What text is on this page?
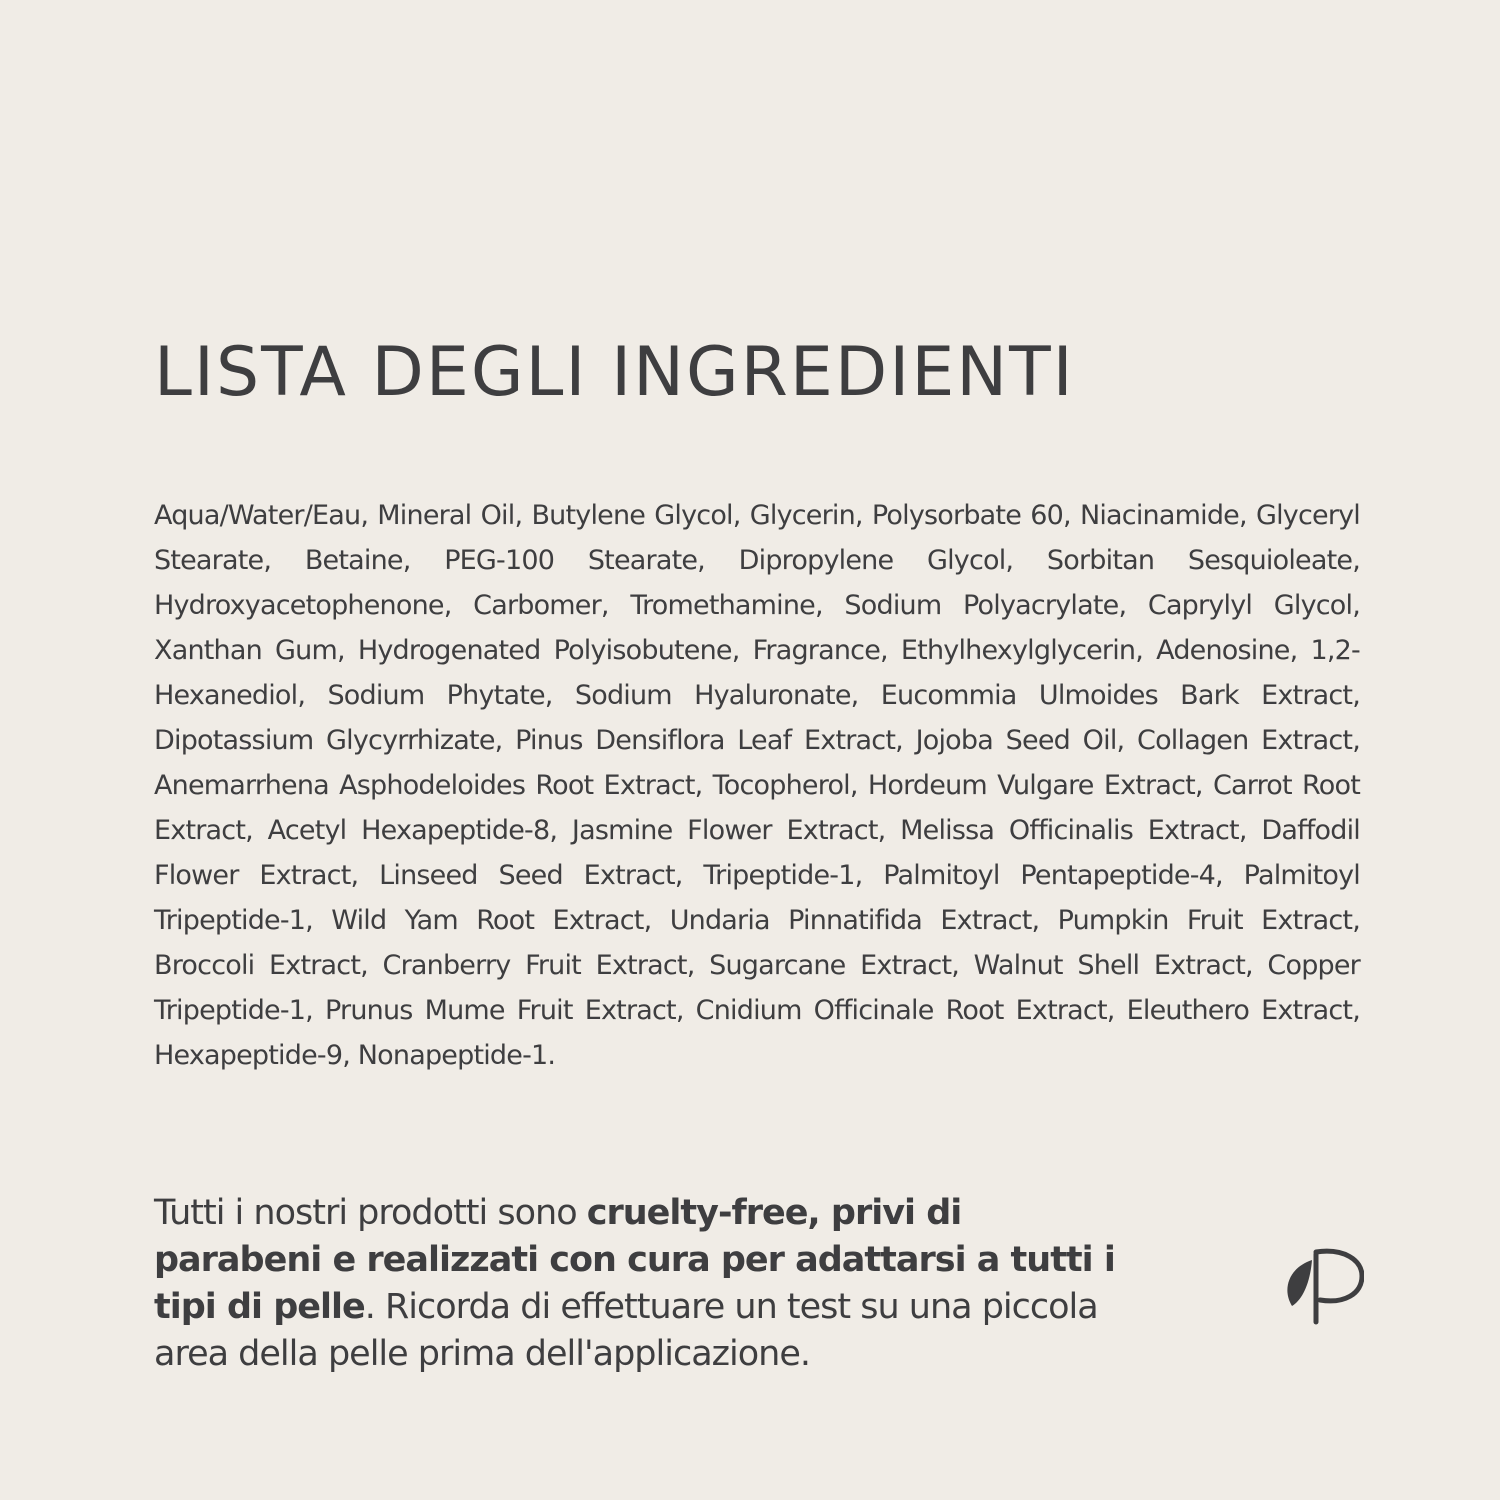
LISTA DEGLI INGREDIENTI

Aqua/Water/Eau, Mineral Oil, Butylene Glycol, Glycerin, Polysorbate 60, Niacinamide, Glyceryl Stearate, Betaine, PEG-100 Stearate, Dipropylene Glycol, Sorbitan Sesquioleate, Hydroxyacetophenone, Carbomer, Tromethamine, Sodium Polyacrylate, Caprylyl Glycol, Xanthan Gum, Hydrogenated Polyisobutene, Fragrance, Ethylhexylglycerin, Adenosine, 1,2-Hexanediol, Sodium Phytate, Sodium Hyaluronate, Eucommia Ulmoides Bark Extract, Dipotassium Glycyrrhizate, Pinus Densiflora Leaf Extract, Jojoba Seed Oil, Collagen Extract, Anemarrhena Asphodeloides Root Extract, Tocopherol, Hordeum Vulgare Extract, Carrot Root Extract, Acetyl Hexapeptide-8, Jasmine Flower Extract, Melissa Officinalis Extract, Daffodil Flower Extract, Linseed Seed Extract, Tripeptide-1, Palmitoyl Pentapeptide-4, Palmitoyl Tripeptide-1, Wild Yam Root Extract, Undaria Pinnatifida Extract, Pumpkin Fruit Extract, Broccoli Extract, Cranberry Fruit Extract, Sugarcane Extract, Walnut Shell Extract, Copper Tripeptide-1, Prunus Mume Fruit Extract, Cnidium Officinale Root Extract, Eleuthero Extract, Hexapeptide-9, Nonapeptide-1.

Tutti i nostri prodotti sono cruelty-free, privi di parabeni e realizzati con cura per adattarsi a tutti i tipi di pelle. Ricorda di effettuare un test su una piccola area della pelle prima dell'applicazione.
